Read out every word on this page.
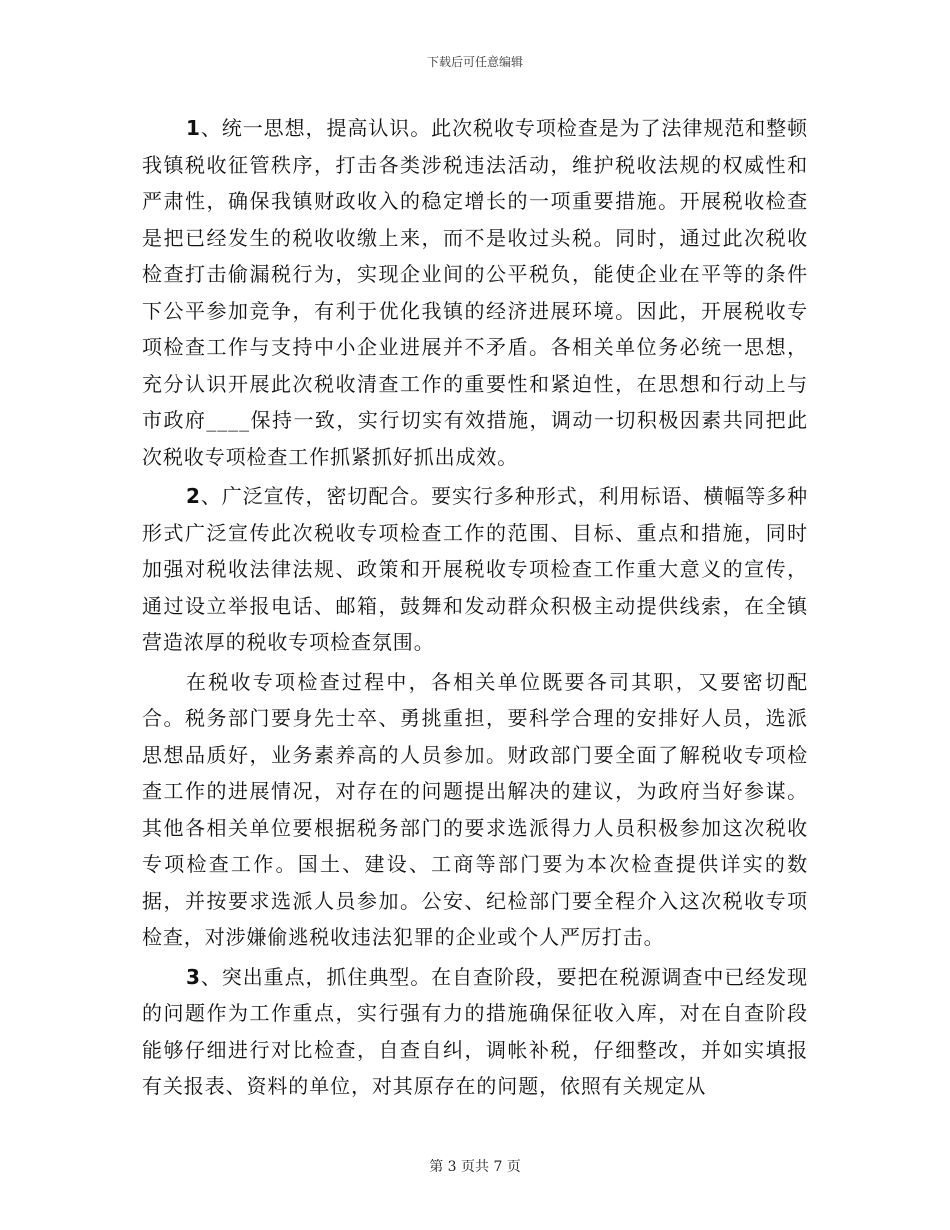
下载后可任意编辑

1、统一思想，提高认识。此次税收专项检查是为了法律规范和整顿我镇税收征管秩序，打击各类涉税违法活动，维护税收法规的权威性和严肃性，确保我镇财政收入的稳定增长的一项重要措施。开展税收检查是把已经发生的税收收缴上来，而不是收过头税。同时，通过此次税收检查打击偷漏税行为，实现企业间的公平税负，能使企业在平等的条件下公平参加竞争，有利于优化我镇的经济进展环境。因此，开展税收专项检查工作与支持中小企业进展并不矛盾。各相关单位务必统一思想，充分认识开展此次税收清查工作的重要性和紧迫性，在思想和行动上与市政府____保持一致，实行切实有效措施，调动一切积极因素共同把此次税收专项检查工作抓紧抓好抓出成效。

2、广泛宣传，密切配合。要实行多种形式，利用标语、横幅等多种形式广泛宣传此次税收专项检查工作的范围、目标、重点和措施，同时加强对税收法律法规、政策和开展税收专项检查工作重大意义的宣传，通过设立举报电话、邮箱，鼓舞和发动群众积极主动提供线索，在全镇营造浓厚的税收专项检查氛围。

在税收专项检查过程中，各相关单位既要各司其职，又要密切配合。税务部门要身先士卒、勇挑重担，要科学合理的安排好人员，选派思想品质好，业务素养高的人员参加。财政部门要全面了解税收专项检查工作的进展情况，对存在的问题提出解决的建议，为政府当好参谋。其他各相关单位要根据税务部门的要求选派得力人员积极参加这次税收专项检查工作。国土、建设、工商等部门要为本次检查提供详实的数据，并按要求选派人员参加。公安、纪检部门要全程介入这次税收专项检查，对涉嫌偷逃税收违法犯罪的企业或个人严厉打击。

3、突出重点，抓住典型。在自查阶段，要把在税源调查中已经发现的问题作为工作重点，实行强有力的措施确保征收入库，对在自查阶段能够仔细进行对比检查，自查自纠，调帐补税，仔细整改，并如实填报有关报表、资料的单位，对其原存在的问题，依照有关规定从

第 3 页共 7 页
